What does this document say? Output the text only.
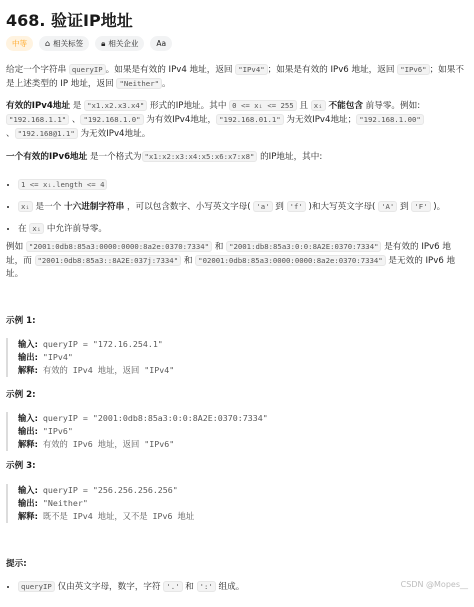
468. 验证IP地址
中等 ⌂ 相关标签 🔒︎ 相关企业 Aa
给定一个字符串 queryIP 。如果是有效的 IPv4 地址，返回 "IPv4" ；如果是有效的 IPv6 地址，返回 "IPv6" ；如果不是上述类型的 IP 地址，返回 "Neither" 。
有效的IPv4地址 是 "x1.x2.x3.x4" 形式的IP地址。其中 0 <= xᵢ <= 255 且 xᵢ 不能包含 前导零。例如: "192.168.1.1" 、 "192.168.1.0" 为有效IPv4地址， "192.168.01.1" 为无效IPv4地址； "192.168.1.00" 、 "192.168@1.1" 为无效IPv4地址。
一个有效的IPv6地址 是一个格式为 "x1:x2:x3:x4:x5:x6:x7:x8" 的IP地址，其中:
• 1 <= xᵢ.length <= 4
• xᵢ 是一个 十六进制字符串 ，可以包含数字、小写英文字母( 'a' 到 'f' )和大写英文字母( 'A' 到 'F' )。
• 在 xᵢ 中允许前导零。
例如 "2001:0db8:85a3:0000:0000:8a2e:0370:7334" 和 "2001:db8:85a3:0:0:8A2E:0370:7334" 是有效的 IPv6 地址，而 "2001:0db8:85a3::8A2E:037j:7334" 和 "02001:0db8:85a3:0000:0000:8a2e:0370:7334" 是无效的 IPv6 地址。
示例 1:
输入: queryIP = "172.16.254.1"
输出: "IPv4"
解释: 有效的 IPv4 地址，返回 "IPv4"
示例 2:
输入: queryIP = "2001:0db8:85a3:0:0:8A2E:0370:7334"
输出: "IPv6"
解释: 有效的 IPv6 地址，返回 "IPv6"
示例 3:
输入: queryIP = "256.256.256.256"
输出: "Neither"
解释: 既不是 IPv4 地址，又不是 IPv6 地址
提示:
• queryIP 仅由英文字母，数字，字符 '.' 和 ':' 组成。	CSDN @Mopes__
